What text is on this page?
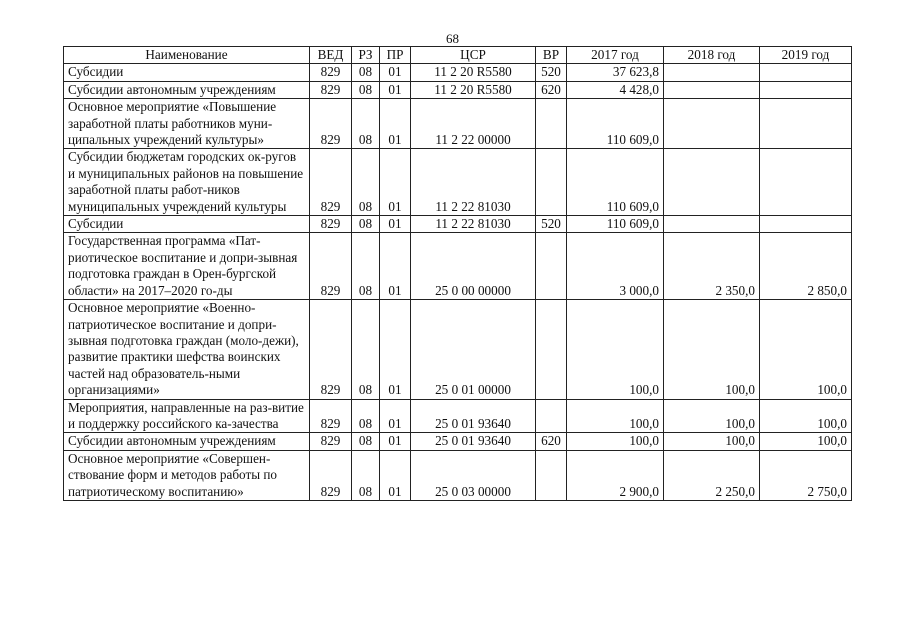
68
Наименование	ВЕД	РЗ	ПР	ЦСР	ВР	2017 год	2018 год	2019 год
Субсидии	829	08	01	11 2 20 R5580	520	37 623,8		
Субсидии автономным учреждениям	829	08	01	11 2 20 R5580	620	4 428,0		
Основное мероприятие «Повышение заработной платы работников муни-ципальных учреждений культуры»	829	08	01	11 2 22 00000		110 609,0		
Субсидии бюджетам городских ок-ругов и муниципальных районов на повышение заработной платы работ-ников муниципальных учреждений культуры	829	08	01	11 2 22 81030		110 609,0		
Субсидии	829	08	01	11 2 22 81030	520	110 609,0		
Государственная программа «Пат-риотическое воспитание и допри-зывная подготовка граждан в Орен-бургской области» на 2017–2020 го-ды	829	08	01	25 0 00 00000		3 000,0	2 350,0	2 850,0
Основное мероприятие «Военно-патриотическое воспитание и допри-зывная подготовка граждан (моло-дежи), развитие практики шефства воинских частей над образователь-ными организациями»	829	08	01	25 0 01 00000		100,0	100,0	100,0
Мероприятия, направленные на раз-витие и поддержку российского ка-зачества	829	08	01	25 0 01 93640		100,0	100,0	100,0
Субсидии автономным учреждениям	829	08	01	25 0 01 93640	620	100,0	100,0	100,0
Основное мероприятие «Совершен-ствование форм и методов работы по патриотическому воспитанию»	829	08	01	25 0 03 00000		2 900,0	2 250,0	2 750,0
